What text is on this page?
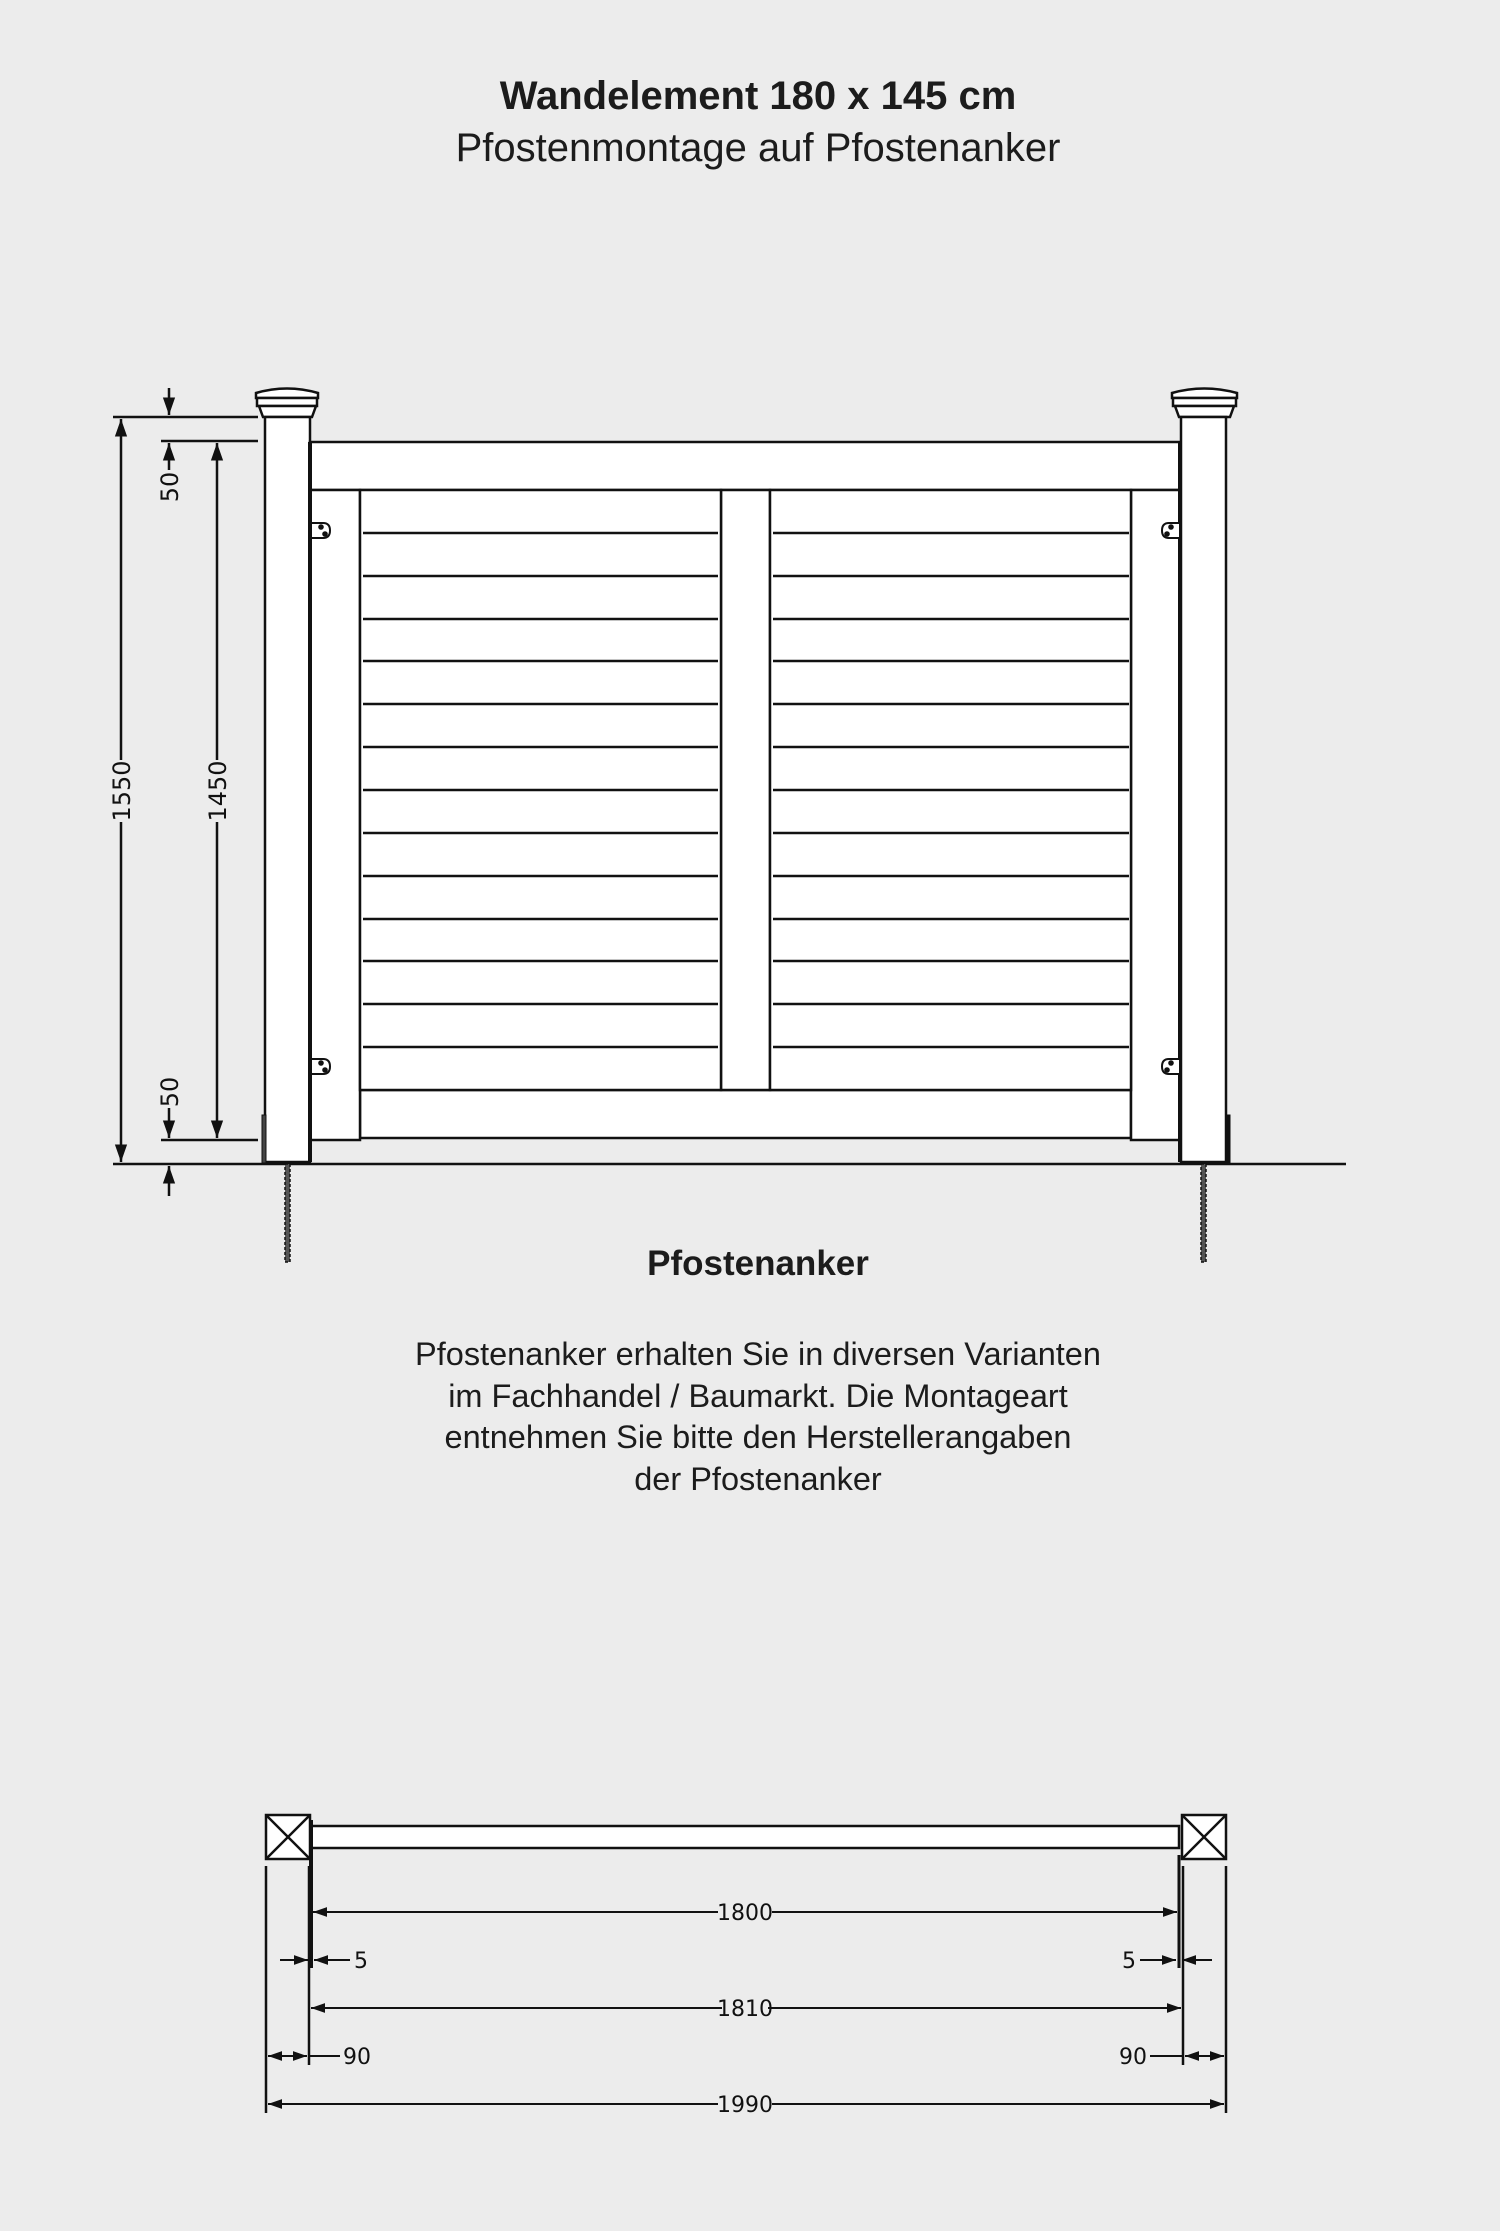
Wandelement 180 x 145 cm
Pfostenmontage auf Pfostenanker
1550	1450
50
50
1800
5	5
1810
90	90
1990
Pfostenanker
Pfostenanker erhalten Sie in diversen Varianten
im Fachhandel / Baumarkt. Die Montageart
entnehmen Sie bitte den Herstellerangaben
der Pfostenanker
